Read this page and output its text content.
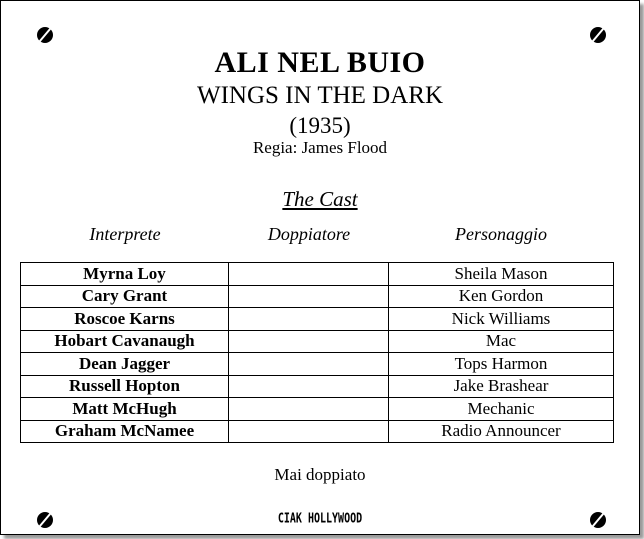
ALI NEL BUIO
WINGS IN THE DARK
(1935)
Regia: James Flood
The Cast
Interprete	Doppiatore	Personaggio
Myrna Loy		Sheila Mason
Cary Grant		Ken Gordon
Roscoe Karns		Nick Williams
Hobart Cavanaugh		Mac
Dean Jagger		Tops Harmon
Russell Hopton		Jake Brashear
Matt McHugh		Mechanic
Graham McNamee		Radio Announcer
Mai doppiato
CIAK HOLLYWOOD
